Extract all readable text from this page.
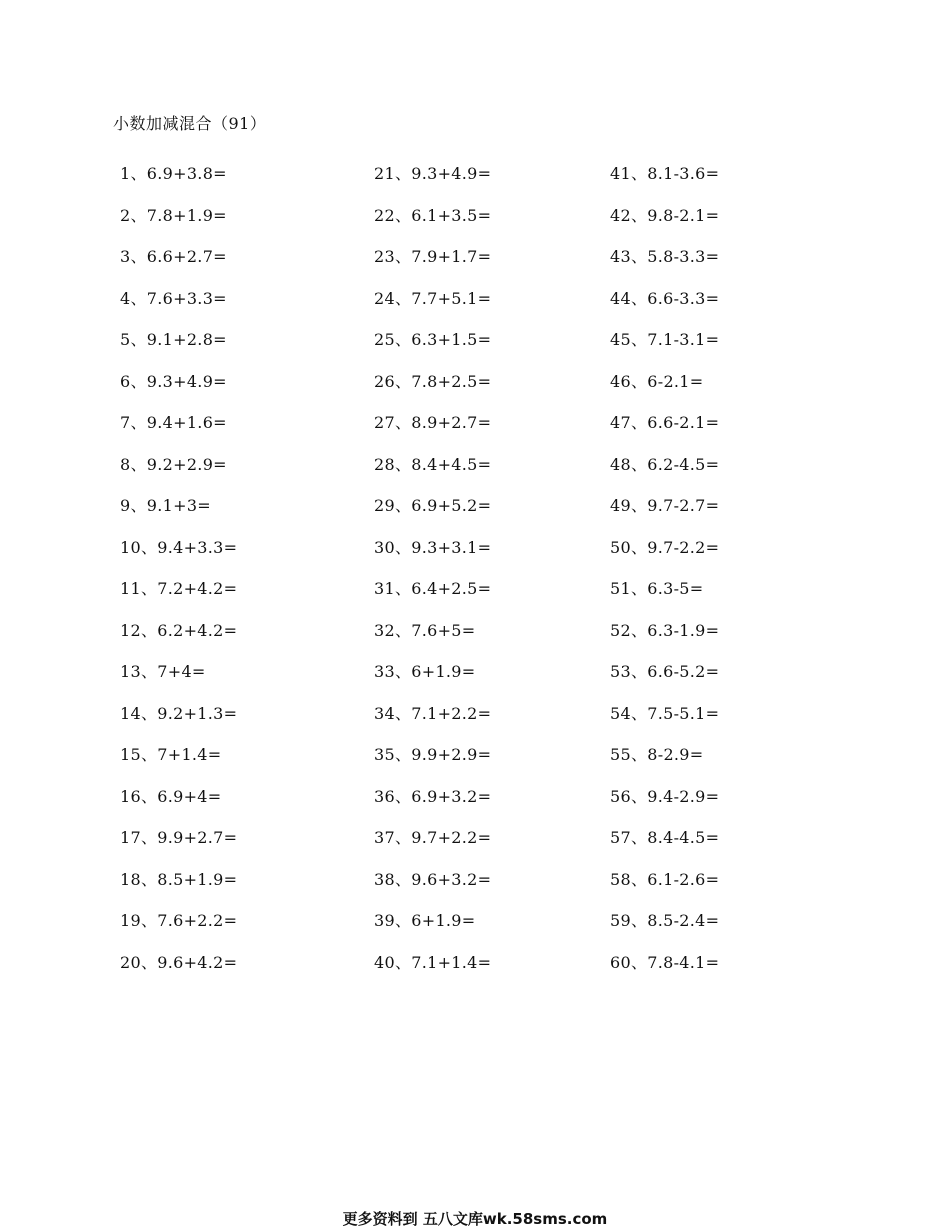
小数加减混合（91）
1、6.9+3.8=
2、7.8+1.9=
3、6.6+2.7=
4、7.6+3.3=
5、9.1+2.8=
6、9.3+4.9=
7、9.4+1.6=
8、9.2+2.9=
9、9.1+3=
10、9.4+3.3=
11、7.2+4.2=
12、6.2+4.2=
13、7+4=
14、9.2+1.3=
15、7+1.4=
16、6.9+4=
17、9.9+2.7=
18、8.5+1.9=
19、7.6+2.2=
20、9.6+4.2=
21、9.3+4.9=
22、6.1+3.5=
23、7.9+1.7=
24、7.7+5.1=
25、6.3+1.5=
26、7.8+2.5=
27、8.9+2.7=
28、8.4+4.5=
29、6.9+5.2=
30、9.3+3.1=
31、6.4+2.5=
32、7.6+5=
33、6+1.9=
34、7.1+2.2=
35、9.9+2.9=
36、6.9+3.2=
37、9.7+2.2=
38、9.6+3.2=
39、6+1.9=
40、7.1+1.4=
41、8.1-3.6=
42、9.8-2.1=
43、5.8-3.3=
44、6.6-3.3=
45、7.1-3.1=
46、6-2.1=
47、6.6-2.1=
48、6.2-4.5=
49、9.7-2.7=
50、9.7-2.2=
51、6.3-5=
52、6.3-1.9=
53、6.6-5.2=
54、7.5-5.1=
55、8-2.9=
56、9.4-2.9=
57、8.4-4.5=
58、6.1-2.6=
59、8.5-2.4=
60、7.8-4.1=
更多资料到 五八文库wk.58sms.com
